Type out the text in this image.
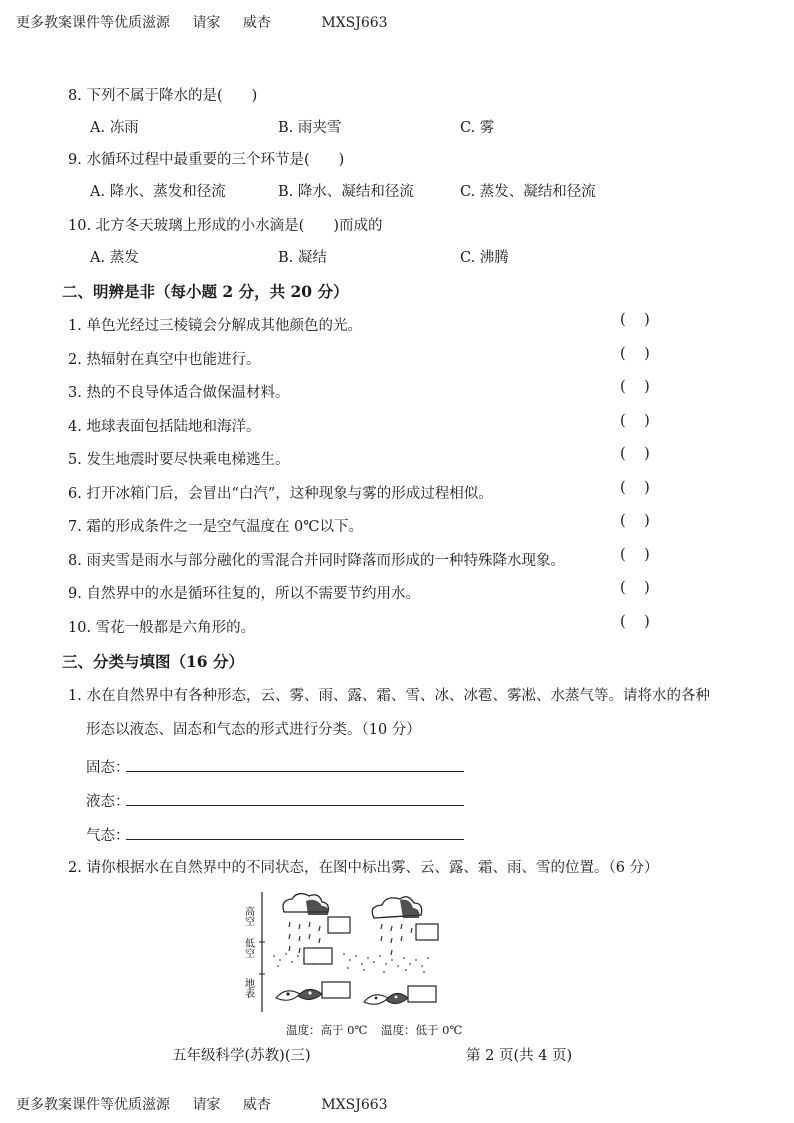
更多教案课件等优质滋源 请家 威杏	MXSJ663
8. 下列不属于降水的是(　　)
A. 冻雨	B. 雨夹雪	C. 雾
9. 水循环过程中最重要的三个环节是(　　)
A. 降水、蒸发和径流	B. 降水、凝结和径流	C. 蒸发、凝结和径流
10. 北方冬天玻璃上形成的小水滴是(　　)而成的
A. 蒸发	B. 凝结	C. 沸腾
二、明辨是非（每小题 2 分，共 20 分）
1. 单色光经过三棱镜会分解成其他颜色的光。	(    )
2. 热辐射在真空中也能进行。	(    )
3. 热的不良导体适合做保温材料。	(    )
4. 地球表面包括陆地和海洋。	(    )
5. 发生地震时要尽快乘电梯逃生。	(    )
6. 打开冰箱门后，会冒出“白汽”，这种现象与雾的形成过程相似。	(    )
7. 霜的形成条件之一是空气温度在 0℃以下。	(    )
8. 雨夹雪是雨水与部分融化的雪混合并同时降落而形成的一种特殊降水现象。	(    )
9. 自然界中的水是循环往复的，所以不需要节约用水。	(    )
10. 雪花一般都是六角形的。	(    )
三、分类与填图（16 分）
1. 水在自然界中有各种形态，云、雾、雨、露、霜、雪、冰、冰雹、雾凇、水蒸气等。请将水的各种
形态以液态、固态和气态的形式进行分类。（10 分）
固态：
液态：
气态：
2. 请你根据水在自然界中的不同状态，在图中标出雾、云、露、霜、雨、雪的位置。（6 分）
高空
低空
地表
温度：高于 0℃ 温度：低于 0℃
五年级科学(苏教)(三)	第 2 页(共 4 页)
更多教案课件等优质滋源 请家 威杏	MXSJ663
